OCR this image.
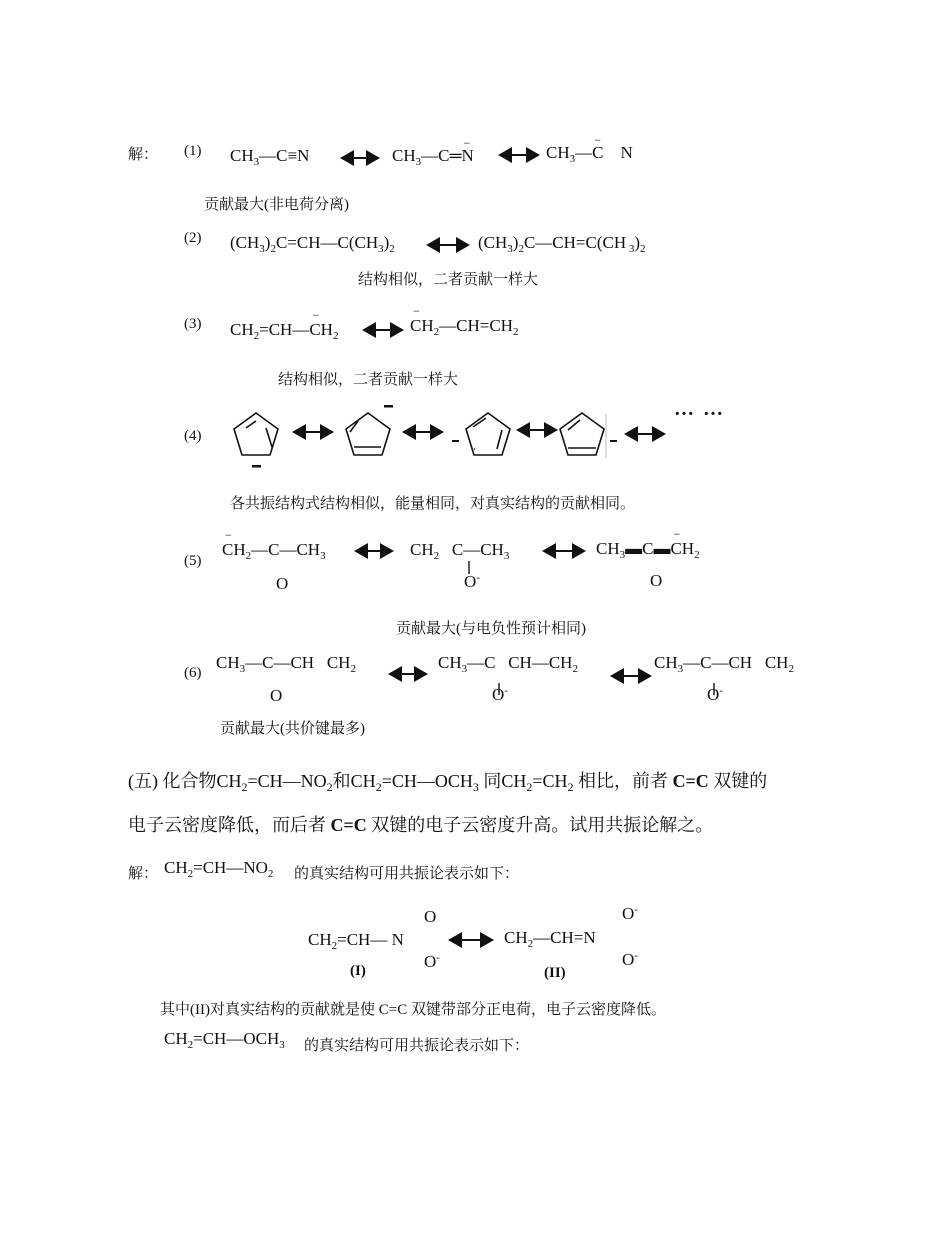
解： (1) $CH_3—C\equiv N$	$CH_3—C═N$
−	$CH_3—C$
−
N
贡献最大(非电荷分离)
(2) $(CH_3)_2C=CH—C(CH_3)_2$	$(CH_3)_2C—CH=C(CH$ $_3)_2$
结构相似，二者贡献一样大
(3) $CH_2=CH—CH$
−
$_2$
CH
−
$_2—CH=CH_2$
结构相似，二者贡献一样大
(4)
… …
各共振结构式结构相似，能量相同，对真实结构的贡献相同。
(5)
CH
−
$_2—C—CH_3$
O
$CH_2$   $C—CH_3$
O-
$CH_3▬C▬CH$
−
$_2$
O
贡献最大(与电负性预计相同)
(6)
$CH_3—C—CH$   $CH_2$
O
$CH_3—C$   $CH—CH_2$
O-
$CH_3—C—CH$   $CH_2$
O-
贡献最大(共价键最多)
(五) 化合物$CH_2=CH—NO_2$和$CH_2=CH—OCH_3$ 同$CH_2=CH_2$ 相比，前者 C=C 双键的
电子云密度降低，而后者 C=C 双键的电子云密度升高。试用共振论解之。
解： $CH_2=CH—NO_2$ 的真实结构可用共振论表示如下：
O
$CH_2=CH—$ N
O-
(I)
O-
$CH_2—CH=N$
O-
(II)
其中(II)对真实结构的贡献就是使 C=C 双键带部分正电荷，电子云密度降低。
$CH_2=CH—OCH_3$ 的真实结构可用共振论表示如下：
